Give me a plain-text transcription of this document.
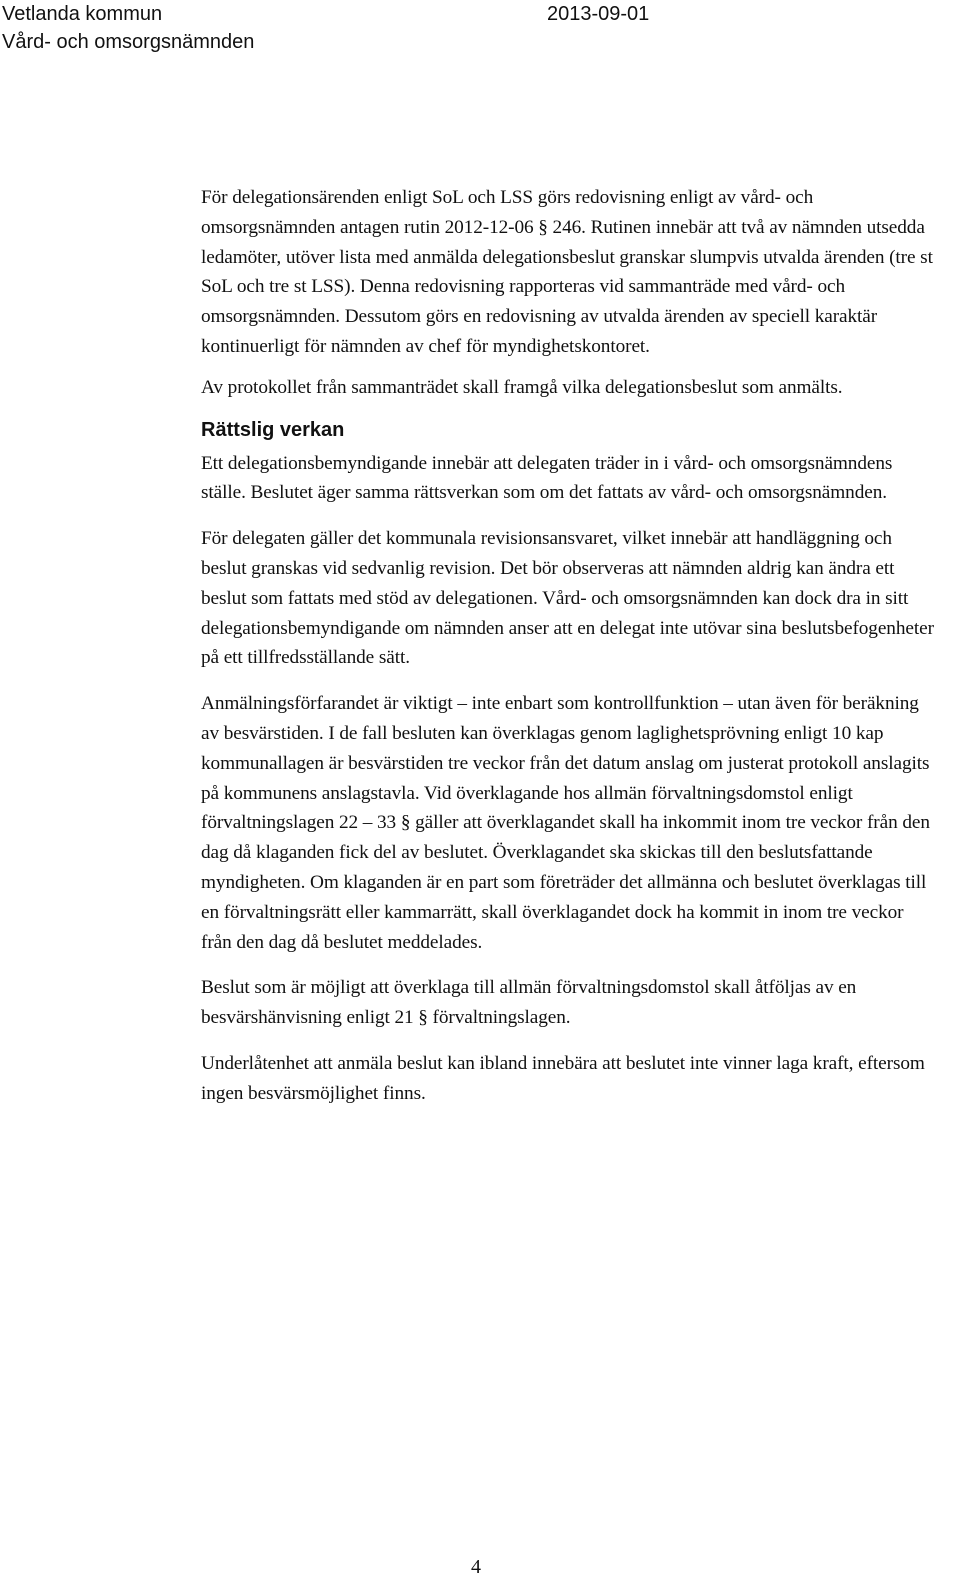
Vetlanda kommun
Vård- och omsorgsnämnden
2013-09-01

För delegationsärenden enligt SoL och LSS görs redovisning enligt av vård- och omsorgsnämnden antagen rutin 2012-12-06 § 246. Rutinen innebär att två av nämnden utsedda ledamöter, utöver lista med anmälda delegationsbeslut granskar slumpvis utvalda ärenden (tre st SoL och tre st LSS). Denna redovisning rapporteras vid sammanträde med vård- och omsorgsnämnden. Dessutom görs en redovisning av utvalda ärenden av speciell karaktär kontinuerligt för nämnden av chef för myndighetskontoret.

Av protokollet från sammanträdet skall framgå vilka delegationsbeslut som anmälts.

Rättslig verkan

Ett delegationsbemyndigande innebär att delegaten träder in i vård- och omsorgsnämndens ställe. Beslutet äger samma rättsverkan som om det fattats av vård- och omsorgsnämnden.

För delegaten gäller det kommunala revisionsansvaret, vilket innebär att handläggning och beslut granskas vid sedvanlig revision. Det bör observeras att nämnden aldrig kan ändra ett beslut som fattats med stöd av delegationen. Vård- och omsorgsnämnden kan dock dra in sitt delegationsbemyndigande om nämnden anser att en delegat inte utövar sina beslutsbefogenheter på ett tillfredsställande sätt.

Anmälningsförfarandet är viktigt – inte enbart som kontrollfunktion – utan även för beräkning av besvärstiden. I de fall besluten kan överklagas genom laglighetsprövning enligt 10 kap kommunallagen är besvärstiden tre veckor från det datum anslag om justerat protokoll anslagits på kommunens anslagstavla. Vid överklagande hos allmän förvaltningsdomstol enligt förvaltningslagen 22 – 33 § gäller att överklagandet skall ha inkommit inom tre veckor från den dag då klaganden fick del av beslutet. Överklagandet ska skickas till den beslutsfattande myndigheten. Om klaganden är en part som företräder det allmänna och beslutet överklagas till en förvaltningsrätt eller kammarrätt, skall överklagandet dock ha kommit in inom tre veckor från den dag då beslutet meddelades.

Beslut som är möjligt att överklaga till allmän förvaltningsdomstol skall åtföljas av en besvärshänvisning enligt 21 § förvaltningslagen.

Underlåtenhet att anmäla beslut kan ibland innebära att beslutet inte vinner laga kraft, eftersom ingen besvärsmöjlighet finns.

4
